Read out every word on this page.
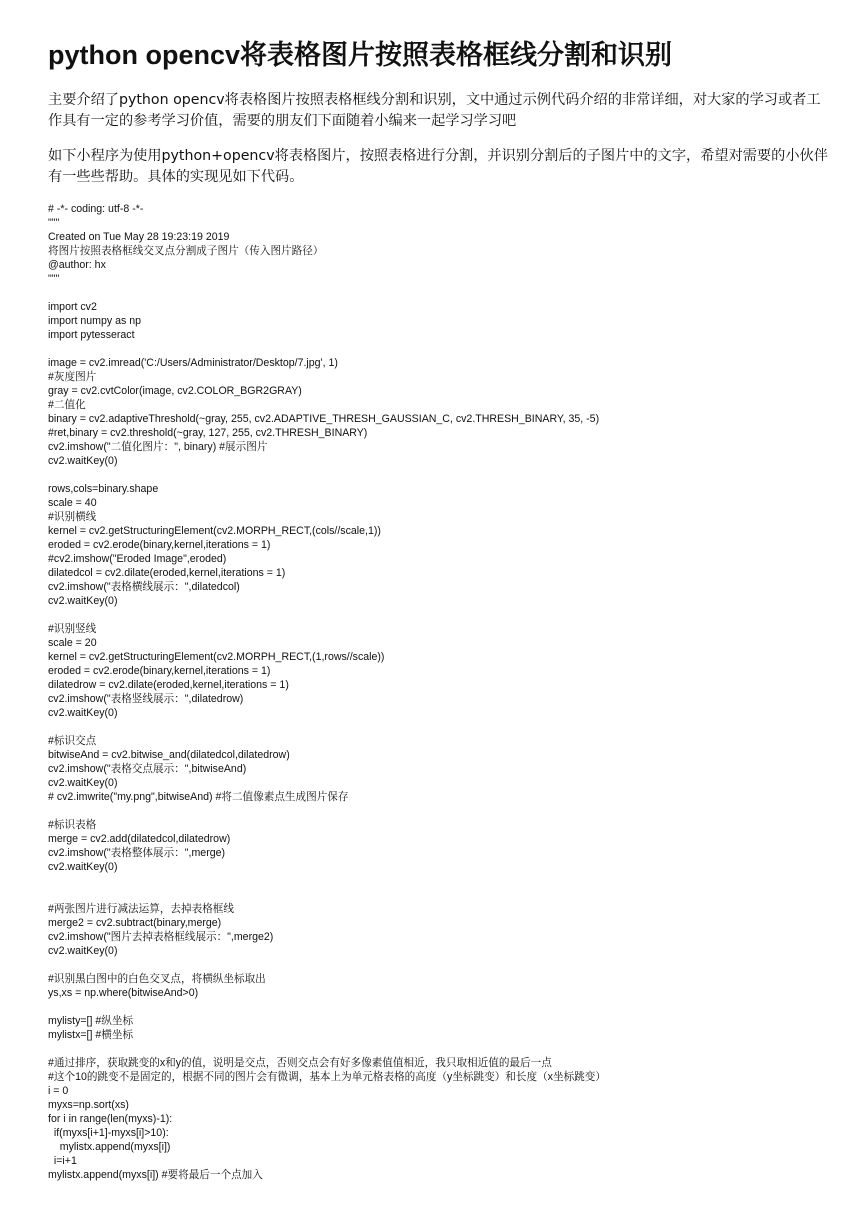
python opencv将表格图片按照表格框线分割和识别

主要介绍了python opencv将表格图片按照表格框线分割和识别，文中通过示例代码介绍的非常详细，对大家的学习或者工作具有一定的参考学习价值，需要的朋友们下面随着小编来一起学习学习吧

如下小程序为使用python+opencv将表格图片，按照表格进行分割，并识别分割后的子图片中的文字，希望对需要的小伙伴有一些些帮助。具体的实现见如下代码。

# -*- coding: utf-8 -*-
"""
Created on Tue May 28 19:23:19 2019
将图片按照表格框线交叉点分割成子图片（传入图片路径）
@author: hx
"""
import cv2
import numpy as np
import pytesseract
image = cv2.imread('C:/Users/Administrator/Desktop/7.jpg', 1)
#灰度图片
gray = cv2.cvtColor(image, cv2.COLOR_BGR2GRAY)
#二值化
binary = cv2.adaptiveThreshold(~gray, 255, cv2.ADAPTIVE_THRESH_GAUSSIAN_C, cv2.THRESH_BINARY, 35, -5)
#ret,binary = cv2.threshold(~gray, 127, 255, cv2.THRESH_BINARY)
cv2.imshow("二值化图片：", binary) #展示图片
cv2.waitKey(0)
rows,cols=binary.shape
scale = 40
#识别横线
kernel = cv2.getStructuringElement(cv2.MORPH_RECT,(cols//scale,1))
eroded = cv2.erode(binary,kernel,iterations = 1)
#cv2.imshow("Eroded Image",eroded)
dilatedcol = cv2.dilate(eroded,kernel,iterations = 1)
cv2.imshow("表格横线展示：",dilatedcol)
cv2.waitKey(0)
#识别竖线
scale = 20
kernel = cv2.getStructuringElement(cv2.MORPH_RECT,(1,rows//scale))
eroded = cv2.erode(binary,kernel,iterations = 1)
dilatedrow = cv2.dilate(eroded,kernel,iterations = 1)
cv2.imshow("表格竖线展示：",dilatedrow)
cv2.waitKey(0)
#标识交点
bitwiseAnd = cv2.bitwise_and(dilatedcol,dilatedrow)
cv2.imshow("表格交点展示：",bitwiseAnd)
cv2.waitKey(0)
# cv2.imwrite("my.png",bitwiseAnd) #将二值像素点生成图片保存
#标识表格
merge = cv2.add(dilatedcol,dilatedrow)
cv2.imshow("表格整体展示：",merge)
cv2.waitKey(0)
#两张图片进行减法运算，去掉表格框线
merge2 = cv2.subtract(binary,merge)
cv2.imshow("图片去掉表格框线展示：",merge2)
cv2.waitKey(0)
#识别黑白图中的白色交叉点，将横纵坐标取出
ys,xs = np.where(bitwiseAnd>0)
mylisty=[] #纵坐标
mylistx=[] #横坐标
#通过排序，获取跳变的x和y的值，说明是交点，否则交点会有好多像素值值相近，我只取相近值的最后一点
#这个10的跳变不是固定的，根据不同的图片会有微调，基本上为单元格表格的高度（y坐标跳变）和长度（x坐标跳变）
i = 0
myxs=np.sort(xs)
for i in range(len(myxs)-1):
if(myxs[i+1]-myxs[i]>10):
mylistx.append(myxs[i])
i=i+1
mylistx.append(myxs[i]) #要将最后一个点加入
